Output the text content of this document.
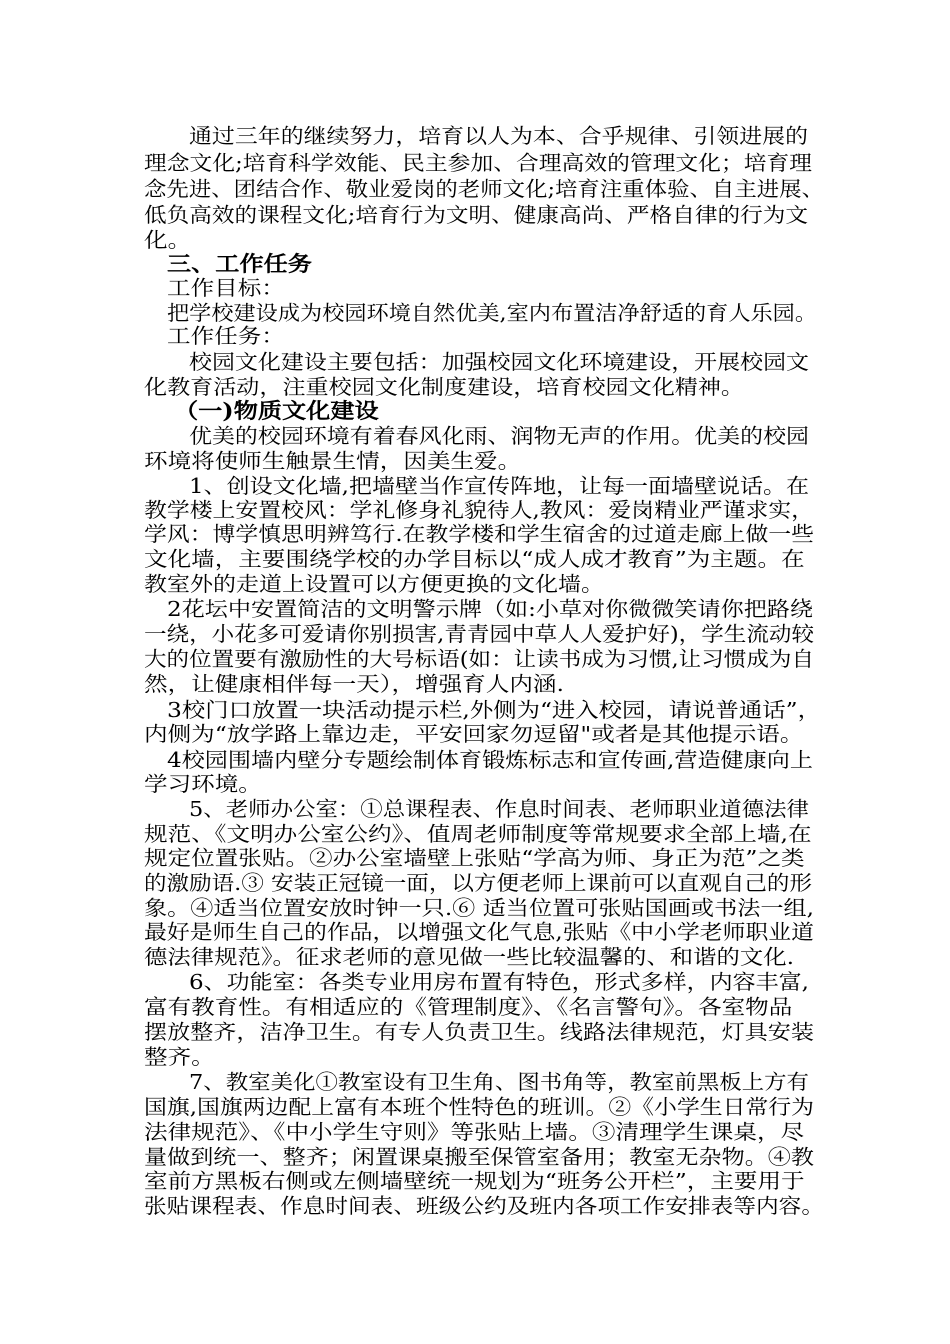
通过三年的继续努力，培育以人为本、合乎规律、引领进展的
理念文化;培育科学效能、民主参加、合理高效的管理文化；培育理
念先进、团结合作、敬业爱岗的老师文化;培育注重体验、自主进展、
低负高效的课程文化;培育行为文明、健康高尚、严格自律的行为文
化。
三、工作任务
工作目标：
把学校建设成为校园环境自然优美,室内布置洁净舒适的育人乐园。
工作任务：
校园文化建设主要包括：加强校园文化环境建设，开展校园文
化教育活动，注重校园文化制度建设，培育校园文化精神。
（一)物质文化建设
优美的校园环境有着春风化雨、润物无声的作用。优美的校园
环境将使师生触景生情，因美生爱。
1、创设文化墙,把墙壁当作宣传阵地，让每一面墙壁说话。在
教学楼上安置校风：学礼修身礼貌待人,教风：爱岗精业严谨求实，
学风：博学慎思明辨笃行.在教学楼和学生宿舍的过道走廊上做一些
文化墙，主要围绕学校的办学目标以“成人成才教育”为主题。在
教室外的走道上设置可以方便更换的文化墙。
2花坛中安置简洁的文明警示牌（如:小草对你微微笑请你把路绕
一绕，小花多可爱请你别损害,青青园中草人人爱护好)，学生流动较
大的位置要有激励性的大号标语(如：让读书成为习惯,让习惯成为自
然，让健康相伴每一天），增强育人内涵.
3校门口放置一块活动提示栏,外侧为“进入校园，请说普通话”，
内侧为“放学路上靠边走，平安回家勿逗留"或者是其他提示语。
4校园围墙内壁分专题绘制体育锻炼标志和宣传画,营造健康向上
学习环境。
5、老师办公室：①总课程表、作息时间表、老师职业道德法律
规范、《文明办公室公约》、值周老师制度等常规要求全部上墙,在
规定位置张贴。②办公室墙壁上张贴“学高为师、身正为范”之类
的激励语.③ 安装正冠镜一面，以方便老师上课前可以直观自己的形
象。④适当位置安放时钟一只.⑥ 适当位置可张贴国画或书法一组,
最好是师生自己的作品，以增强文化气息,张贴《中小学老师职业道
德法律规范》。征求老师的意见做一些比较温馨的、和谐的文化.
6、功能室：各类专业用房布置有特色，形式多样，内容丰富,
富有教育性。有相适应的《管理制度》、《名言警句》。各室物品
摆放整齐，洁净卫生。有专人负责卫生。线路法律规范，灯具安装
整齐。
7、教室美化①教室设有卫生角、图书角等，教室前黑板上方有
国旗,国旗两边配上富有本班个性特色的班训。②《小学生日常行为
法律规范》、《中小学生守则》等张贴上墙。③清理学生课桌，尽
量做到统一、整齐；闲置课桌搬至保管室备用；教室无杂物。④教
室前方黑板右侧或左侧墙壁统一规划为“班务公开栏”，主要用于
张贴课程表、作息时间表、班级公约及班内各项工作安排表等内容。
